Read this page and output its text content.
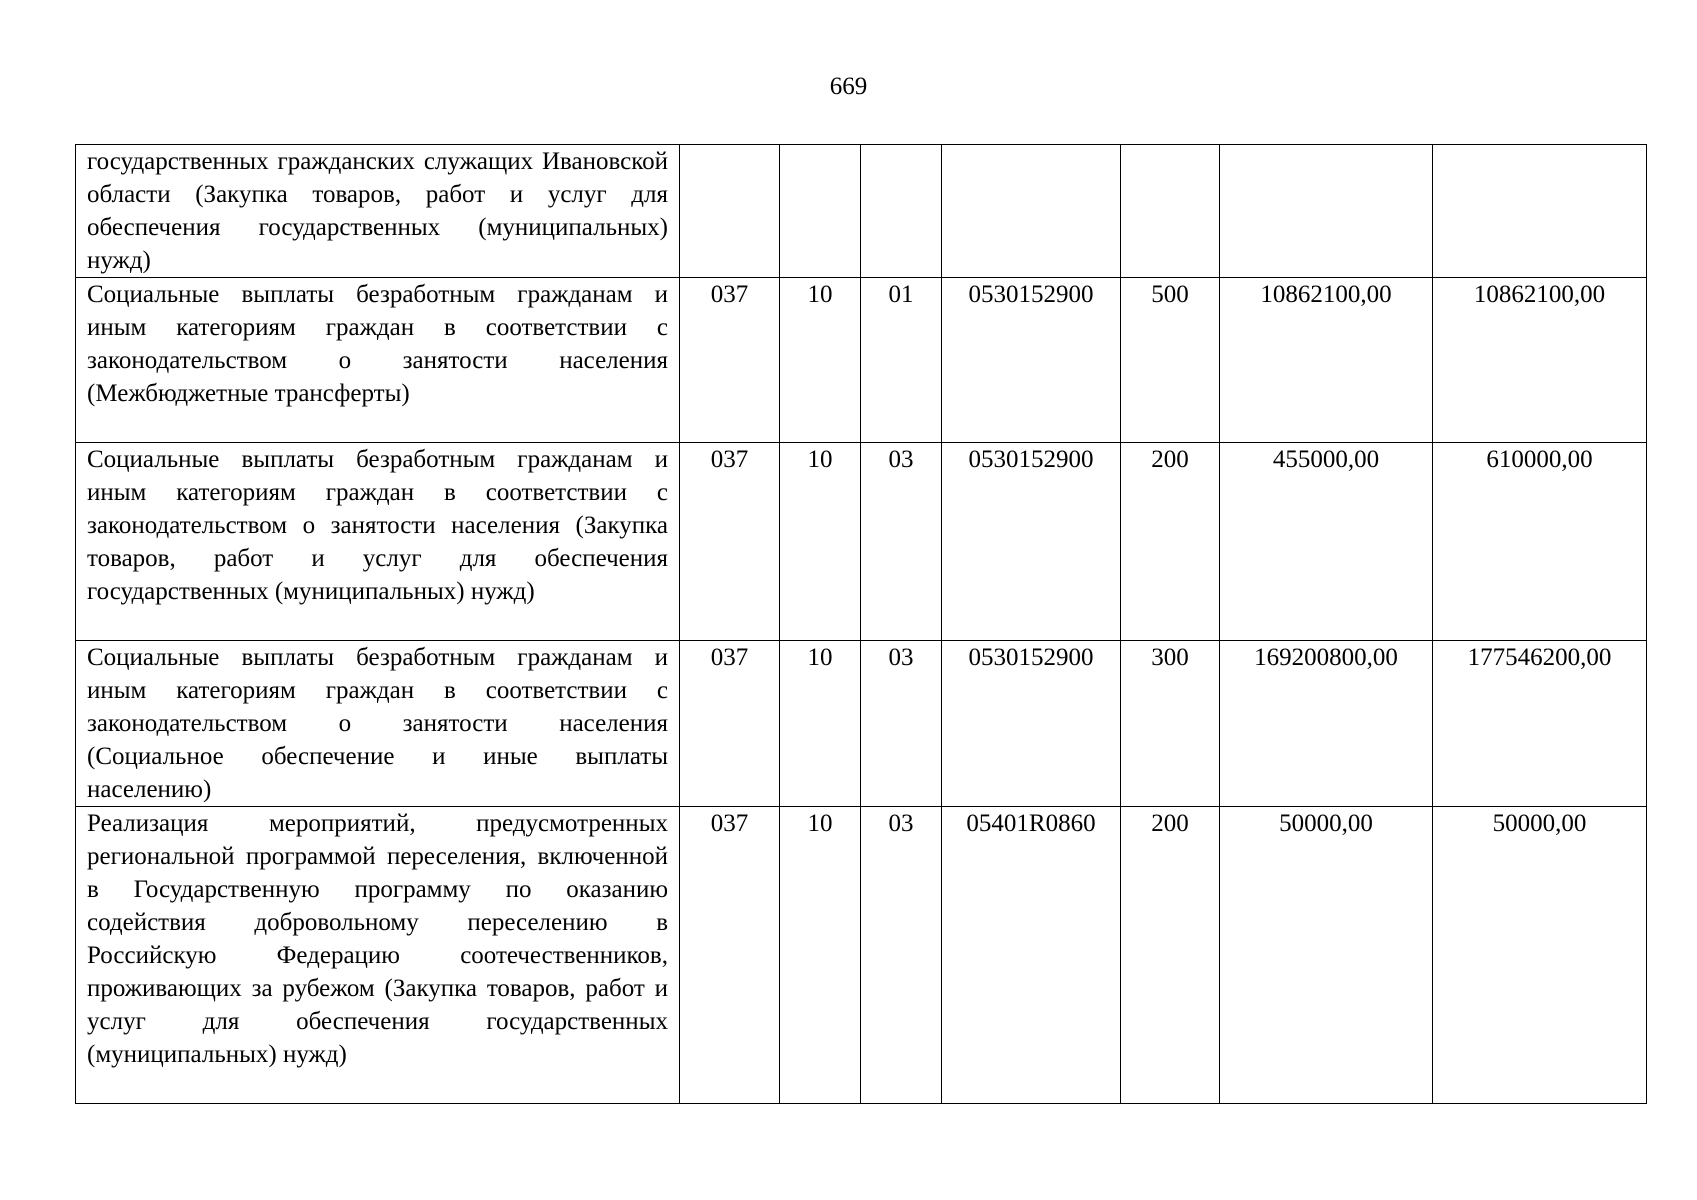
669
государственных гражданских служащих Ивановской области (Закупка товаров, работ и услуг для обеспечения государственных (муниципальных) нужд)							
Социальные выплаты безработным гражданам и иным категориям граждан в соответствии с законодательством о занятости населения (Межбюджетные трансферты)	037	10	01	0530152900	500	10862100,00	10862100,00
Социальные выплаты безработным гражданам и иным категориям граждан в соответствии с законодательством о занятости населения (Закупка товаров, работ и услуг для обеспечения государственных (муниципальных) нужд)	037	10	03	0530152900	200	455000,00	610000,00
Социальные выплаты безработным гражданам и иным категориям граждан в соответствии с законодательством о занятости населения (Социальное обеспечение и иные выплаты населению)	037	10	03	0530152900	300	169200800,00	177546200,00
Реализация мероприятий, предусмотренных региональной программой переселения, включенной в Государственную программу по оказанию содействия добровольному переселению в Российскую Федерацию соотечественников, проживающих за рубежом (Закупка товаров, работ и услуг для обеспечения государственных (муниципальных) нужд)	037	10	03	05401R0860	200	50000,00	50000,00
